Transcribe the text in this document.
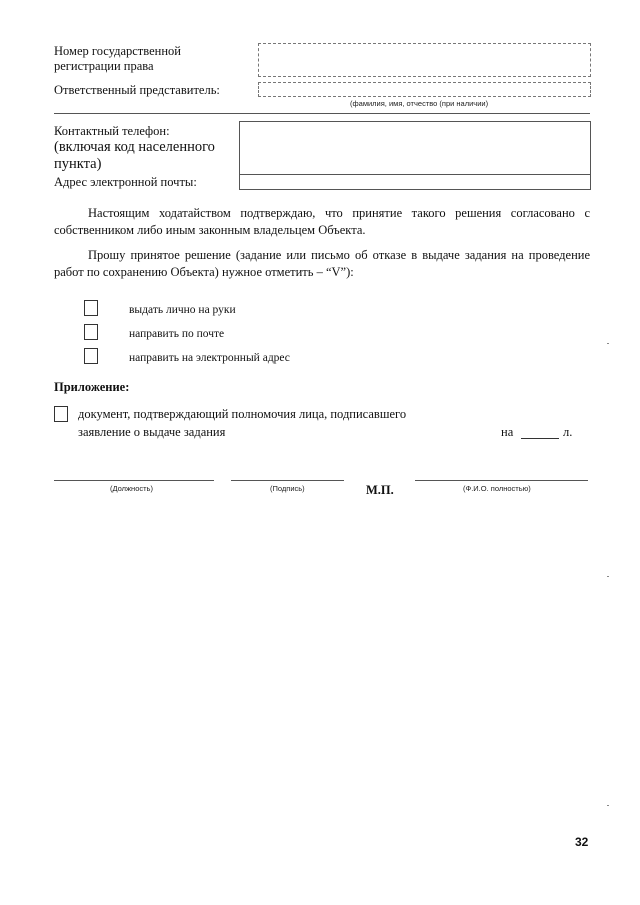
Номер государственной
регистрации права
Ответственный представитель:
(фамилия, имя, отчество (при наличии)
Контактный телефон:
(включая код населенного
пункта)
Адрес электронной почты:
Настоящим ходатайством подтверждаю, что принятие такого решения согласовано с собственником либо иным законным владельцем Объекта.
Прошу принятое решение (задание или письмо об отказе в выдаче задания на проведение работ по сохранению Объекта) нужное отметить – “V”):
выдать лично на руки
направить по почте
направить на электронный адрес
Приложение:
документ, подтверждающий полномочия лица, подписавшего
заявление о выдаче задания	на	л.
(Должность)	(Подпись)	М.П.	(Ф.И.О. полностью)
32
